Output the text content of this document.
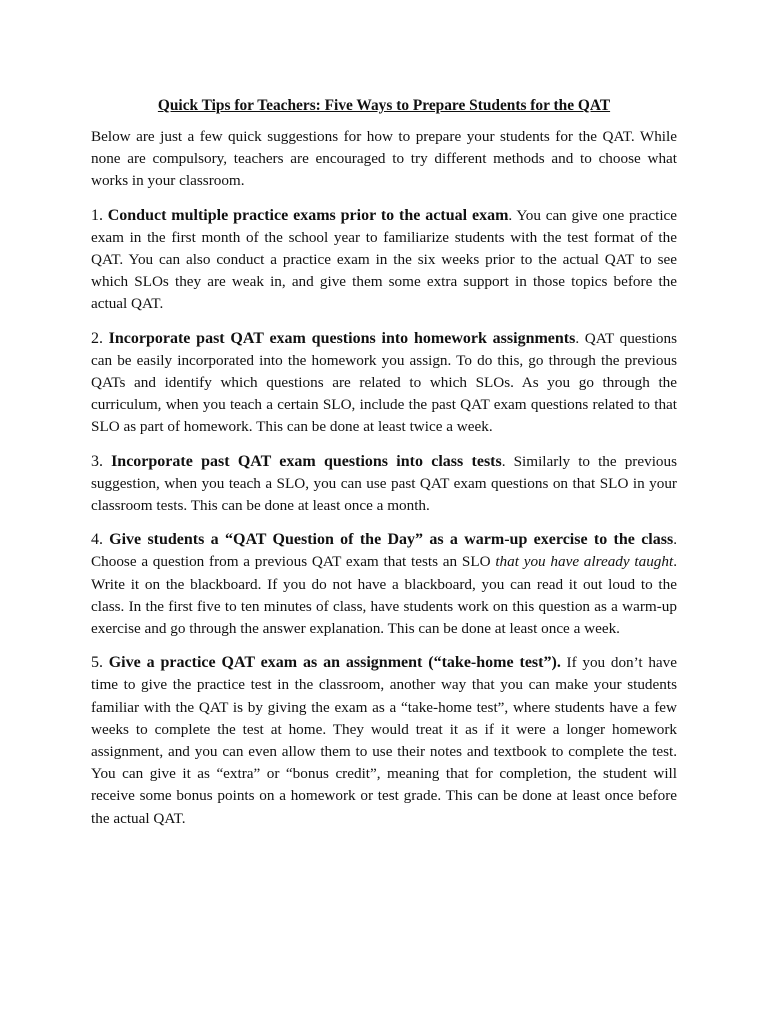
Quick Tips for Teachers: Five Ways to Prepare Students for the QAT

Below are just a few quick suggestions for how to prepare your students for the QAT. While none are compulsory, teachers are encouraged to try different methods and to choose what works in your classroom.

1. Conduct multiple practice exams prior to the actual exam. You can give one practice exam in the first month of the school year to familiarize students with the test format of the QAT. You can also conduct a practice exam in the six weeks prior to the actual QAT to see which SLOs they are weak in, and give them some extra support in those topics before the actual QAT.

2. Incorporate past QAT exam questions into homework assignments. QAT questions can be easily incorporated into the homework you assign. To do this, go through the previous QATs and identify which questions are related to which SLOs. As you go through the curriculum, when you teach a certain SLO, include the past QAT exam questions related to that SLO as part of homework. This can be done at least twice a week.

3. Incorporate past QAT exam questions into class tests. Similarly to the previous suggestion, when you teach a SLO, you can use past QAT exam questions on that SLO in your classroom tests. This can be done at least once a month.

4. Give students a “QAT Question of the Day” as a warm-up exercise to the class. Choose a question from a previous QAT exam that tests an SLO that you have already taught. Write it on the blackboard. If you do not have a blackboard, you can read it out loud to the class. In the first five to ten minutes of class, have students work on this question as a warm-up exercise and go through the answer explanation. This can be done at least once a week.

5. Give a practice QAT exam as an assignment (“take-home test”). If you don’t have time to give the practice test in the classroom, another way that you can make your students familiar with the QAT is by giving the exam as a “take-home test”, where students have a few weeks to complete the test at home. They would treat it as if it were a longer homework assignment, and you can even allow them to use their notes and textbook to complete the test. You can give it as “extra” or “bonus credit”, meaning that for completion, the student will receive some bonus points on a homework or test grade. This can be done at least once before the actual QAT.
